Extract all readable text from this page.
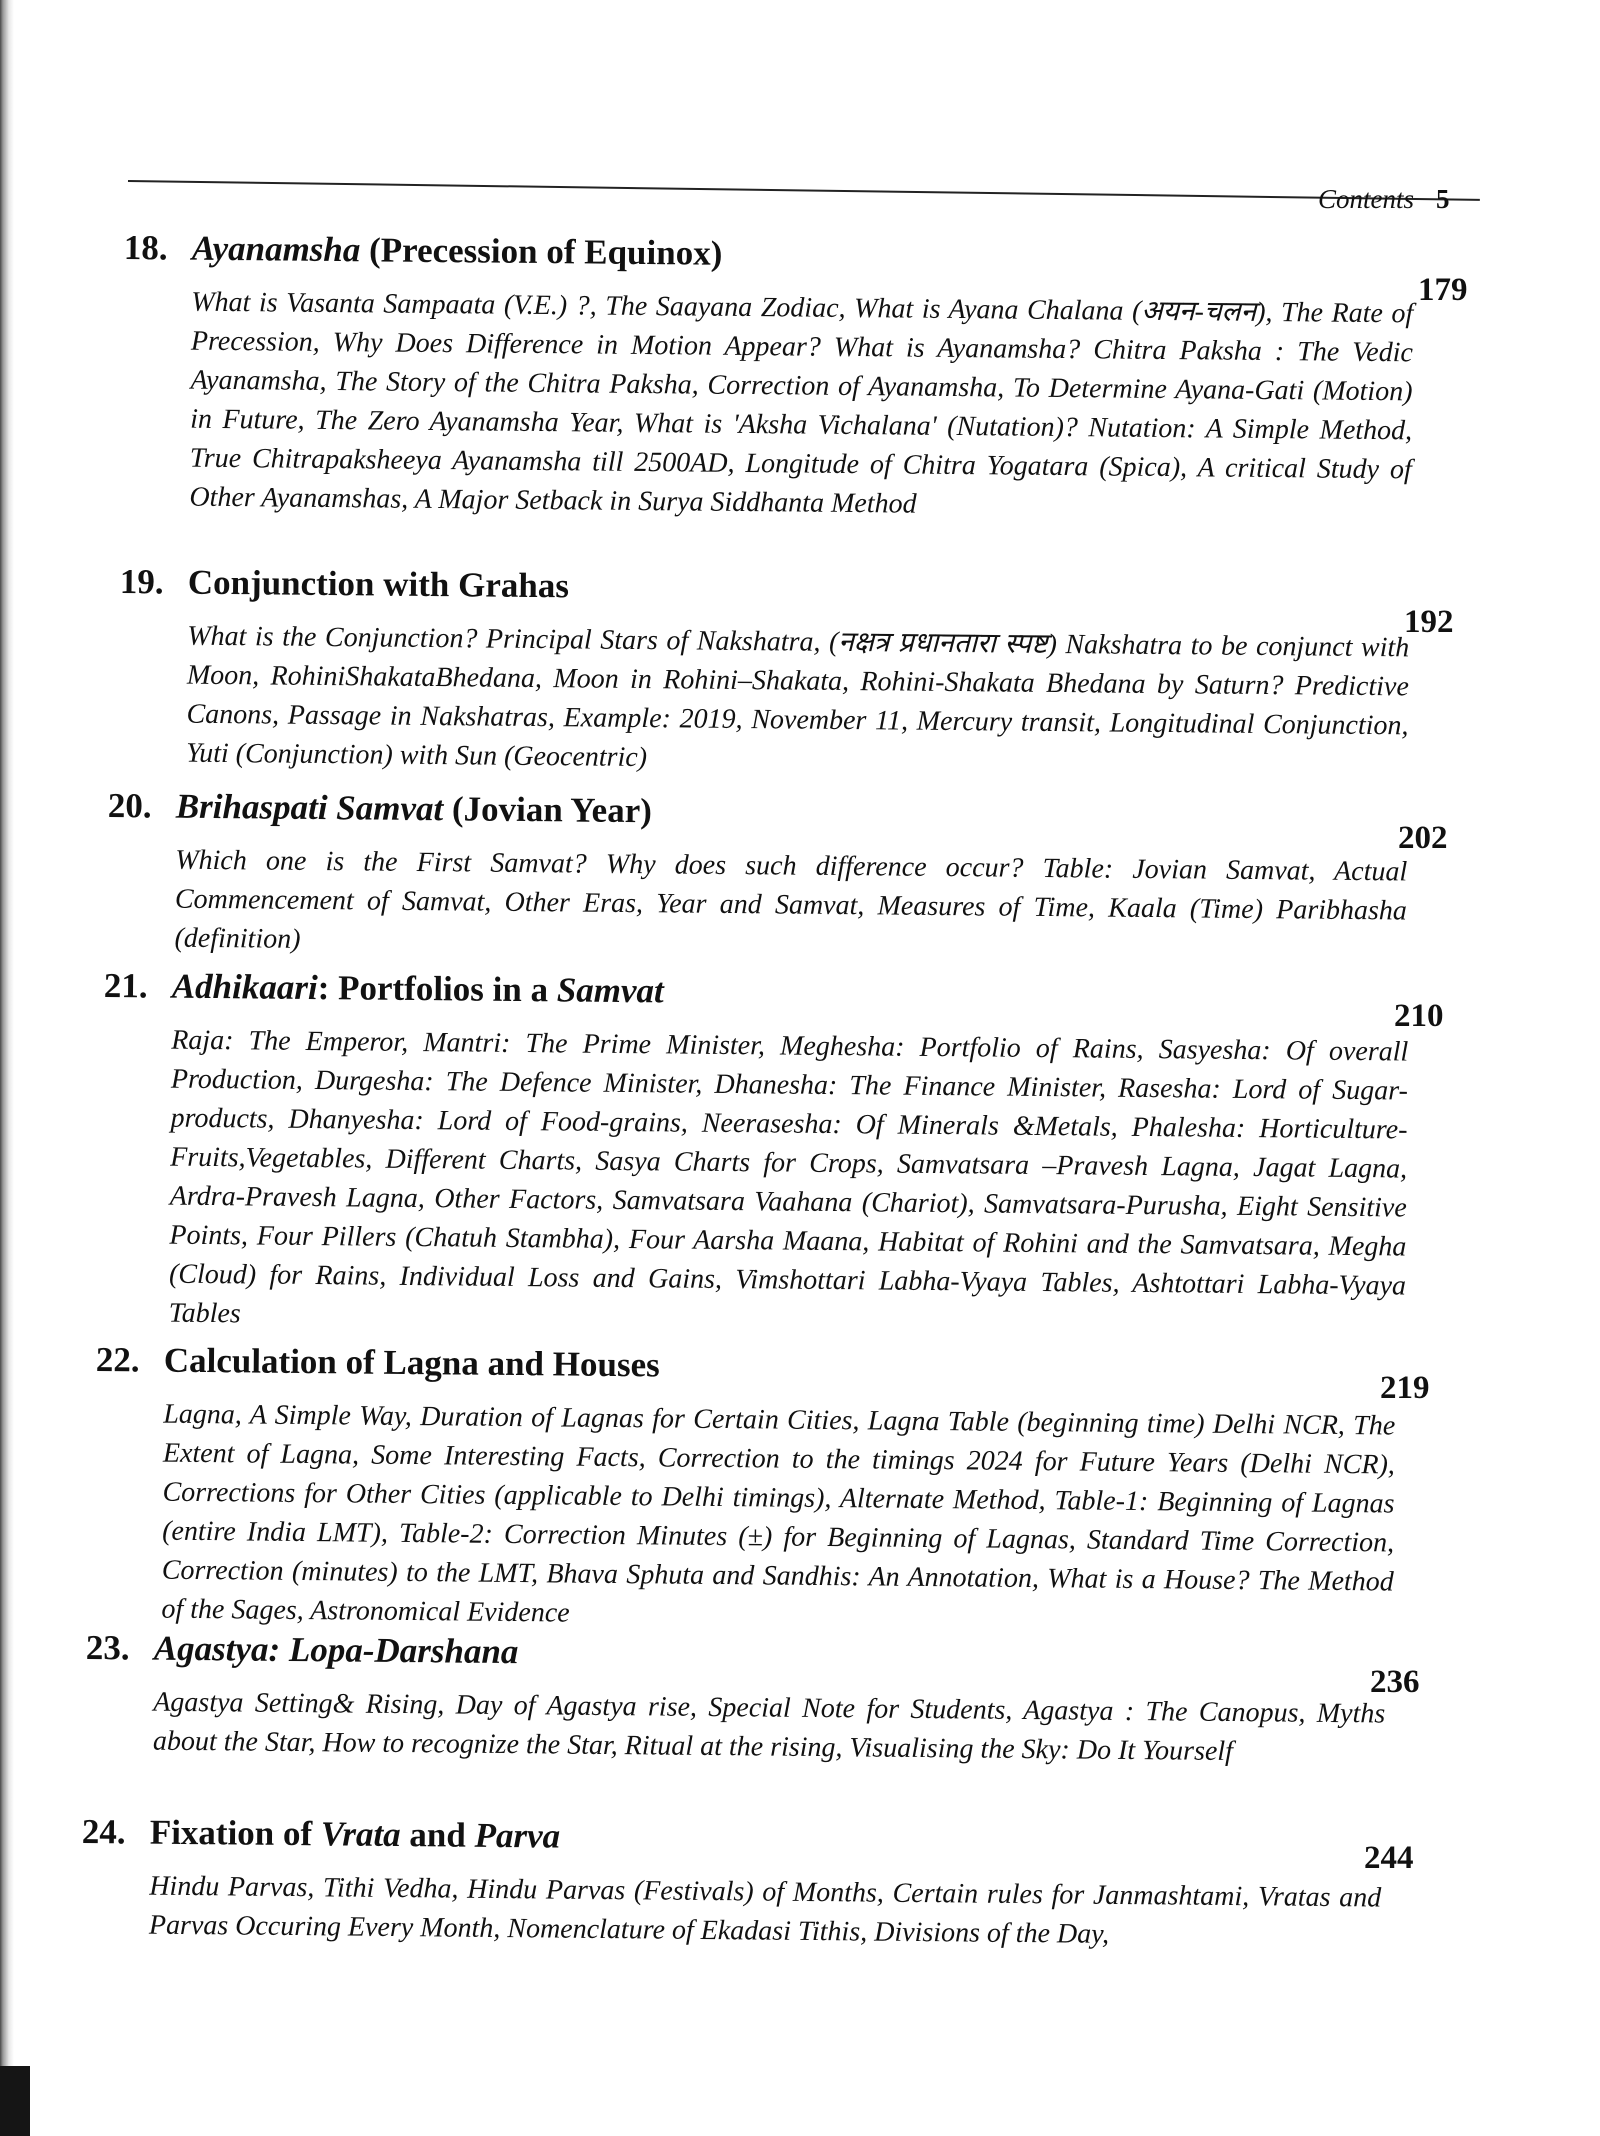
Contents 5
18. Ayanamsha (Precession of Equinox)
What is Vasanta Sampaata (V.E.) ?, The Saayana Zodiac, What is Ayana Chalana (अयन-चलन), The Rate of Precession, Why Does Difference in Motion Appear? What is Ayanamsha? Chitra Paksha : The Vedic Ayanamsha, The Story of the Chitra Paksha, Correction of Ayanamsha, To Determine Ayana-Gati (Motion) in Future, The Zero Ayanamsha Year, What is 'Aksha Vichalana' (Nutation)? Nutation: A Simple Method, True Chitrapaksheeya Ayanamsha till 2500AD, Longitude of Chitra Yogatara (Spica), A critical Study of Other Ayanamshas, A Major Setback in Surya Siddhanta Method
179
19. Conjunction with Grahas
What is the Conjunction? Principal Stars of Nakshatra, (नक्षत्र प्रधानतारा स्पष्ट) Nakshatra to be conjunct with Moon, RohiniShakataBhedana, Moon in Rohini–Shakata, Rohini-Shakata Bhedana by Saturn? Predictive Canons, Passage in Nakshatras, Example: 2019, November 11, Mercury transit, Longitudinal Conjunction, Yuti (Conjunction) with Sun (Geocentric)
192
20. Brihaspati Samvat (Jovian Year)
Which one is the First Samvat? Why does such difference occur? Table: Jovian Samvat, Actual Commencement of Samvat, Other Eras, Year and Samvat, Measures of Time, Kaala (Time) Paribhasha (definition)
202
21. Adhikaari: Portfolios in a Samvat
Raja: The Emperor, Mantri: The Prime Minister, Meghesha: Portfolio of Rains, Sasyesha: Of overall Production, Durgesha: The Defence Minister, Dhanesha: The Finance Minister, Rasesha: Lord of Sugar-products, Dhanyesha: Lord of Food-grains, Neerasesha: Of Minerals &Metals, Phalesha: Horticulture-Fruits,Vegetables, Different Charts, Sasya Charts for Crops, Samvatsara –Pravesh Lagna, Jagat Lagna, Ardra-Pravesh Lagna, Other Factors, Samvatsara Vaahana (Chariot), Samvatsara-Purusha, Eight Sensitive Points, Four Pillers (Chatuh Stambha), Four Aarsha Maana, Habitat of Rohini and the Samvatsara, Megha (Cloud) for Rains, Individual Loss and Gains, Vimshottari Labha-Vyaya Tables, Ashtottari Labha-Vyaya Tables
210
22. Calculation of Lagna and Houses
Lagna, A Simple Way, Duration of Lagnas for Certain Cities, Lagna Table (beginning time) Delhi NCR, The Extent of Lagna, Some Interesting Facts, Correction to the timings 2024 for Future Years (Delhi NCR), Corrections for Other Cities (applicable to Delhi timings), Alternate Method, Table-1: Beginning of Lagnas (entire India LMT), Table-2: Correction Minutes (±) for Beginning of Lagnas, Standard Time Correction, Correction (minutes) to the LMT, Bhava Sphuta and Sandhis: An Annotation, What is a House? The Method of the Sages, Astronomical Evidence
219
23. Agastya: Lopa-Darshana
Agastya Setting& Rising, Day of Agastya rise, Special Note for Students, Agastya : The Canopus, Myths about the Star, How to recognize the Star, Ritual at the rising, Visualising the Sky: Do It Yourself
236
24. Fixation of Vrata and Parva
Hindu Parvas, Tithi Vedha, Hindu Parvas (Festivals) of Months, Certain rules for Janmashtami, Vratas and Parvas Occuring Every Month, Nomenclature of Ekadasi Tithis, Divisions of the Day,
244
